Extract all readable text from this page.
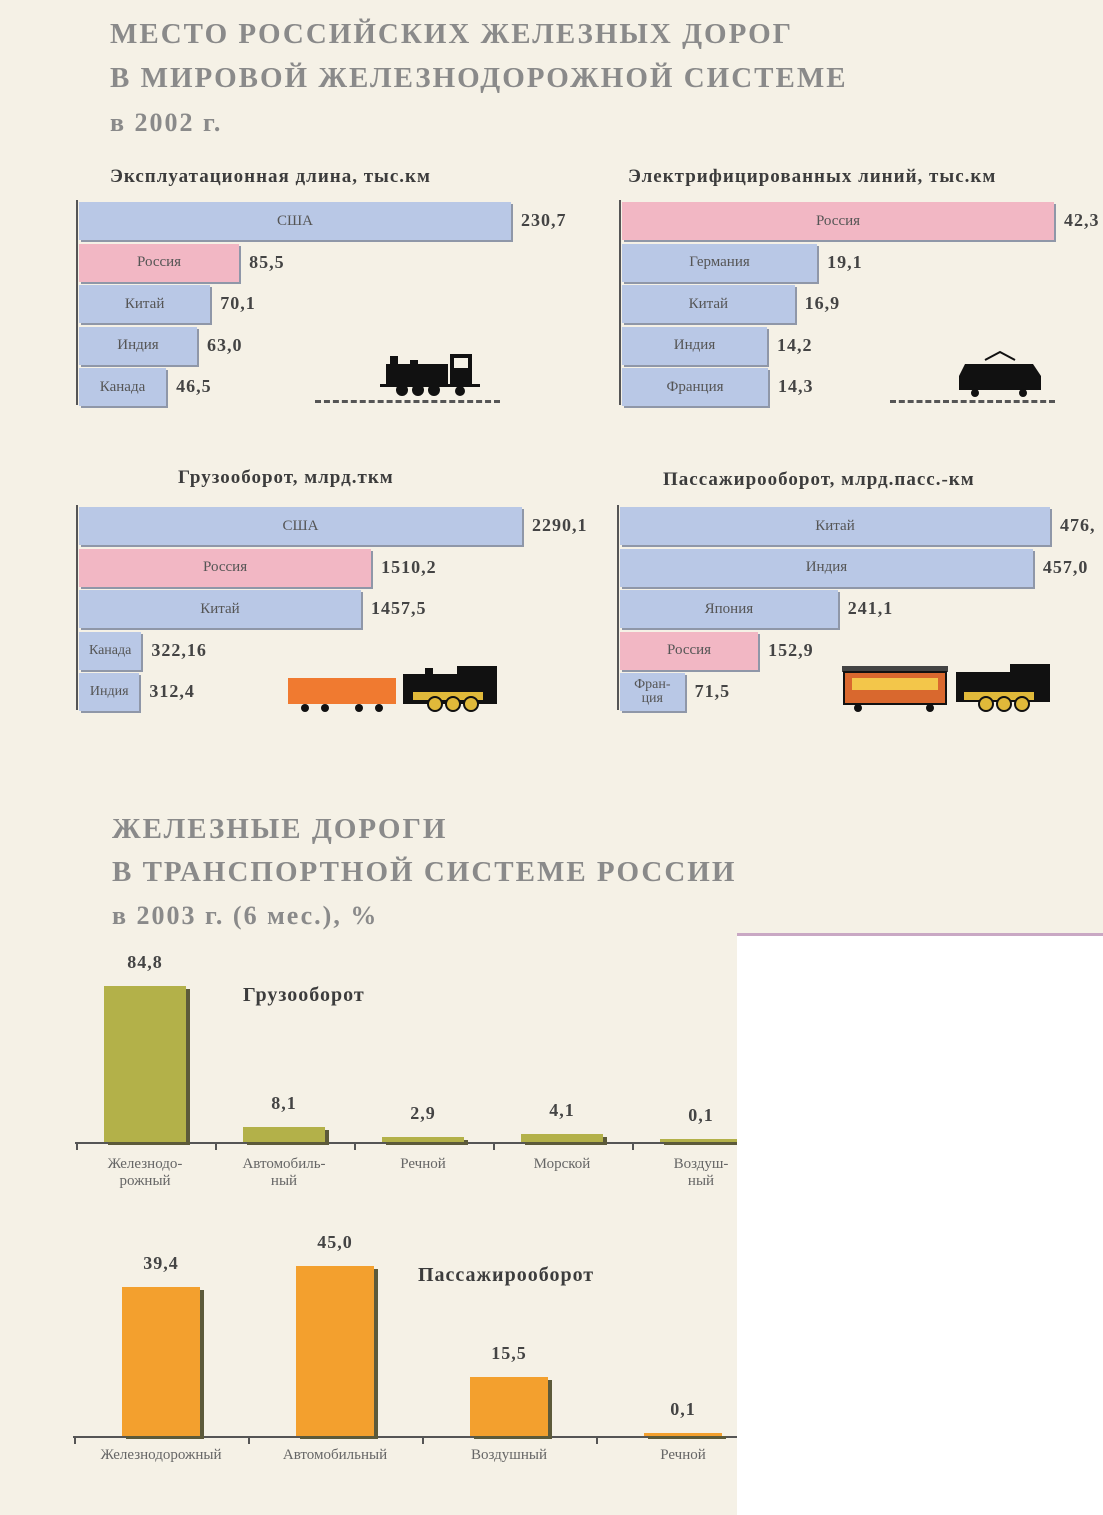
МЕСТО РОССИЙСКИХ ЖЕЛЕЗНЫХ ДОРОГ
В МИРОВОЙ ЖЕЛЕЗНОДОРОЖНОЙ СИСТЕМЕ
в 2002 г.
Эксплуатационная длина, тыс.км
США	230,7
Россия	85,5
Китай	70,1
Индия	63,0
Канада 46,5
Электрифицированных линий, тыс.км
Россия	42,3
Германия	19,1
Китай	16,9
Индия	14,2
Франция	14,3
Грузооборот, млрд.ткм
США	2290,1
Россия	1510,2
Китай	1457,5
Канада 322,16
Индия 312,4
Пассажирооборот, млрд.пасс.-км
Китай	476,
Индия	457,0
Япония	241,1
Россия	152,9
Фран-
ция	71,5
ЖЕЛЕЗНЫЕ ДОРОГИ
В ТРАНСПОРТНОЙ СИСТЕМЕ РОССИИ
в 2003 г. (6 мес.), %
Грузооборот
84,8
Железнодо-
рожный
8,1
Автомобиль-
ный
2,9
Речной
4,1
Морской
0,1
Воздуш-
ный
Пассажирооборот
39,4
Железнодорожный
45,0
Автомобильный
15,5
Воздушный
0,1
Речной
